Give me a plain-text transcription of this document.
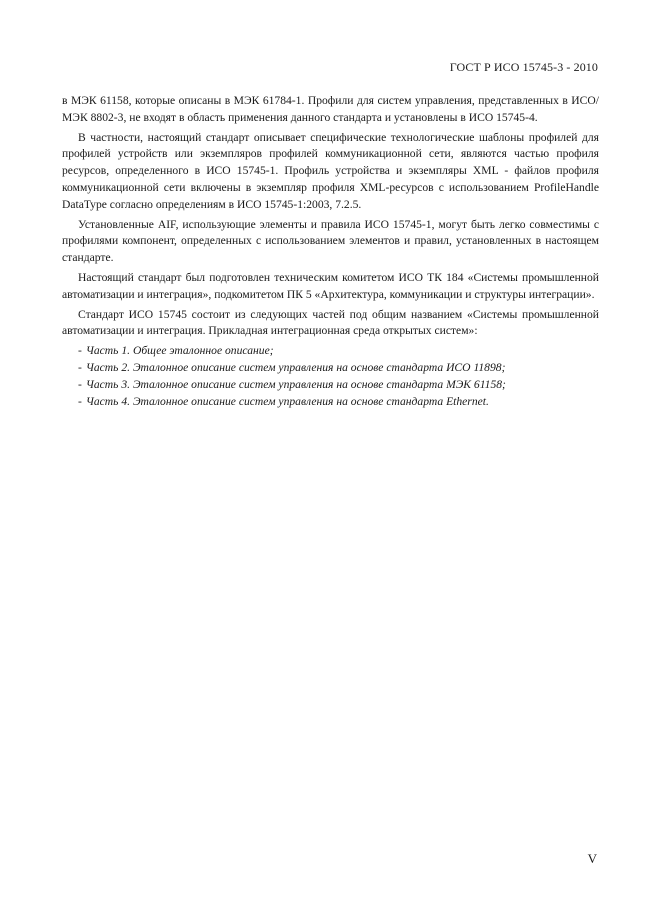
ГОСТ Р ИСО 15745-3 - 2010

в МЭК 61158, которые описаны в МЭК 61784-1. Профили для систем управления, представленных в ИСО/МЭК 8802-3, не входят в область применения данного стандарта и установлены в ИСО 15745-4.

В частности, настоящий стандарт описывает специфические технологические шаблоны профилей для профилей устройств или экземпляров профилей коммуникационной сети, являются частью профиля ресурсов, определенного в ИСО 15745-1. Профиль устройства и экземпляры XML - файлов профиля коммуникационной сети включены в экземпляр профиля XML-ресурсов с использованием ProfileHandle DataType согласно определениям в ИСО 15745-1:2003, 7.2.5.

Установленные AIF, использующие элементы и правила ИСО 15745-1, могут быть легко совместимы с профилями компонент, определенных с использованием элементов и правил, установленных в настоящем стандарте.

Настоящий стандарт был подготовлен техническим комитетом ИСО ТК 184 «Системы промышленной автоматизации и интеграция», подкомитетом ПК 5 «Архитектура, коммуникации и структуры интеграции».

Стандарт ИСО 15745 состоит из следующих частей под общим названием «Системы промышленной автоматизации и интеграция. Прикладная интеграционная среда открытых систем»:

- Часть 1. Общее эталонное описание;
- Часть 2. Эталонное описание систем управления на основе стандарта ИСО 11898;
- Часть 3. Эталонное описание систем управления на основе стандарта МЭК 61158;
- Часть 4. Эталонное описание систем управления на основе стандарта Ethernet.
V
